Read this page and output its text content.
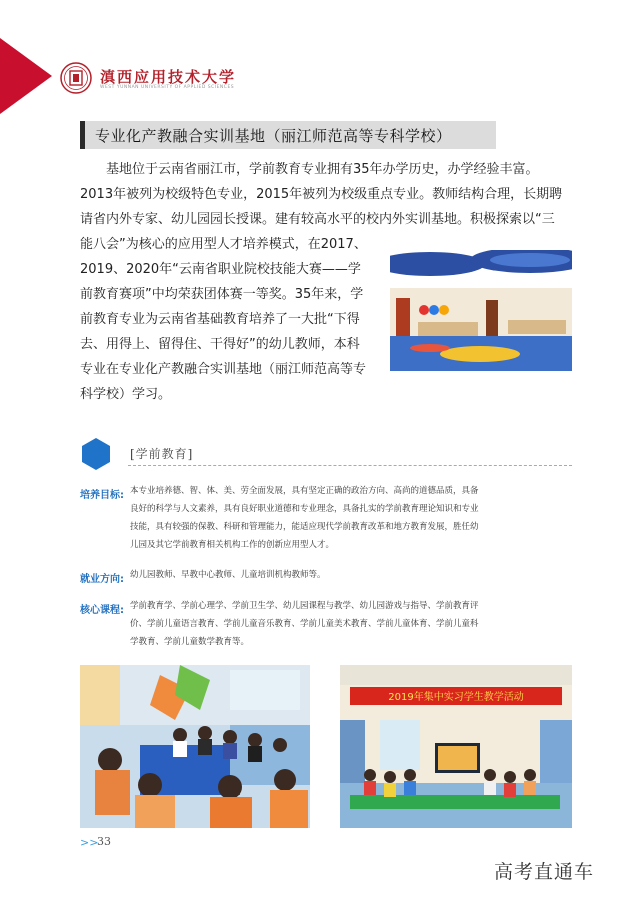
滇西应用技术大学
WEST YUNNAN UNIVERSITY OF APPLIED SCIENCES
专业化产教融合实训基地（丽江师范高等专科学校）

基地位于云南省丽江市，学前教育专业拥有35年办学历史，办学经验丰富。

2013年被列为校级特色专业，2015年被列为校级重点专业。教师结构合理，长期聘

请省内外专家、幼儿园园长授课。建有较高水平的校内外实训基地。积极探索以“三

能八会”为核心的应用型人才培养模式，在2017、

2019、2020年“云南省职业院校技能大赛——学

前教育赛项”中均荣获团体赛一等奖。35年来，学

前教育专业为云南省基础教育培养了一大批“下得

去、用得上、留得住、干得好”的幼儿教师，本科

专业在专业化产教融合实训基地（丽江师范高等专

科学校）学习。

[学前教育]
培养目标: 本专业培养德、智、体、美、劳全面发展，具有坚定正确的政治方向、高尚的道德品质，具备

良好的科学与人文素养，具有良好职业道德和专业理念，具备扎实的学前教育理论知识和专业

技能，具有较强的保教、科研和管理能力，能适应现代学前教育改革和地方教育发展，胜任幼

儿园及其它学前教育相关机构工作的创新应用型人才。

就业方向: 幼儿园教师、早教中心教师、儿童培训机构教师等。

核心课程: 学前教育学、学前心理学、学前卫生学、幼儿园课程与教学、幼儿园游戏与指导、学前教育评

价、学前儿童语言教育、学前儿童音乐教育、学前儿童美术教育、学前儿童体育、学前儿童科

学教育、学前儿童数学教育等。

2019年集中实习学生教学活动
>>
33
高考直通车
